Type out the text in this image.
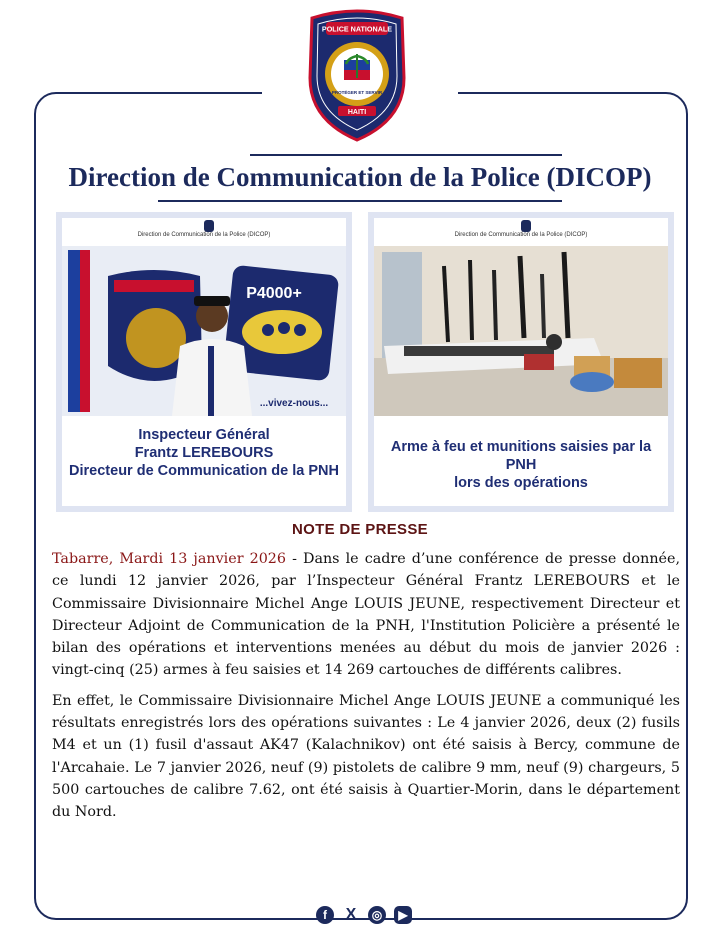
POLICE NATIONALE
PROTÉGER ET SERVIR
HAITI
Direction de Communication de la Police (DICOP)
Direction de Communication de la Police (DICOP)
P4000+
...vivez-nous...
Inspecteur Général
Frantz LEREBOURS
Directeur de Communication de la PNH
Direction de Communication de la Police (DICOP)
Arme à feu et munitions saisies par la PNH
lors des opérations
NOTE DE PRESSE

Tabarre, Mardi 13 janvier 2026 - Dans le cadre d’une conférence de presse donnée, ce lundi 12 janvier 2026, par l’Inspecteur Général Frantz LEREBOURS et le Commissaire Divisionnaire Michel Ange LOUIS JEUNE, respectivement Directeur et Directeur Adjoint de Communication de la PNH, l'Institution Policière a présenté le bilan des opérations et interventions menées au début du mois de janvier 2026 : vingt-cinq (25) armes à feu saisies et 14 269 cartouches de différents calibres.

En effet, le Commissaire Divisionnaire Michel Ange LOUIS JEUNE a communiqué les résultats enregistrés lors des opérations suivantes : Le 4 janvier 2026, deux (2) fusils M4 et un (1) fusil d'assaut AK47 (Kalachnikov) ont été saisis à Bercy, commune de l'Arcahaie. Le 7 janvier 2026, neuf (9) pistolets de calibre 9 mm, neuf (9) chargeurs, 5 500 cartouches de calibre 7.62, ont été saisis à Quartier-Morin, dans le département du Nord.

f	X	◎	▶
